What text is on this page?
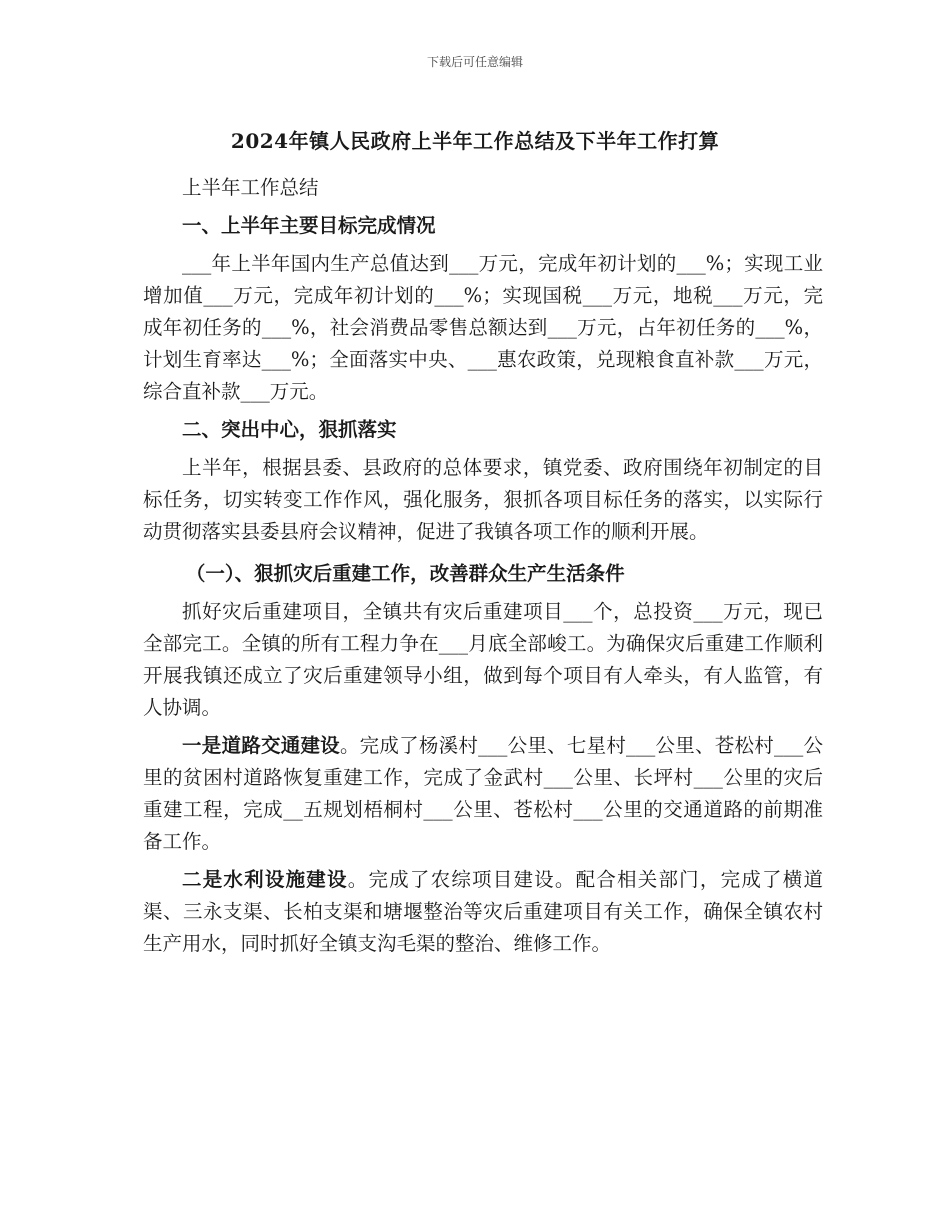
下载后可任意编辑
2024年镇人民政府上半年工作总结及下半年工作打算

上半年工作总结

一、上半年主要目标完成情况

___年上半年国内生产总值达到___万元，完成年初计划的___%；实现工业增加值___万元，完成年初计划的___%；实现国税___万元，地税___万元，完成年初任务的___%，社会消费品零售总额达到___万元，占年初任务的___%，计划生育率达___%；全面落实中央、___惠农政策，兑现粮食直补款___万元，综合直补款___万元。

二、突出中心，狠抓落实

上半年，根据县委、县政府的总体要求，镇党委、政府围绕年初制定的目标任务，切实转变工作作风，强化服务，狠抓各项目标任务的落实，以实际行动贯彻落实县委县府会议精神，促进了我镇各项工作的顺利开展。

（一）、狠抓灾后重建工作，改善群众生产生活条件

抓好灾后重建项目，全镇共有灾后重建项目___个，总投资___万元，现已全部完工。全镇的所有工程力争在___月底全部峻工。为确保灾后重建工作顺利开展我镇还成立了灾后重建领导小组，做到每个项目有人牵头，有人监管，有人协调。

一是道路交通建设。完成了杨溪村___公里、七星村___公里、苍松村___公里的贫困村道路恢复重建工作，完成了金武村___公里、长坪村___公里的灾后重建工程，完成__五规划梧桐村___公里、苍松村___公里的交通道路的前期准备工作。

二是水利设施建设。完成了农综项目建设。配合相关部门，完成了横道渠、三永支渠、长柏支渠和塘堰整治等灾后重建项目有关工作，确保全镇农村生产用水，同时抓好全镇支沟毛渠的整治、维修工作。
